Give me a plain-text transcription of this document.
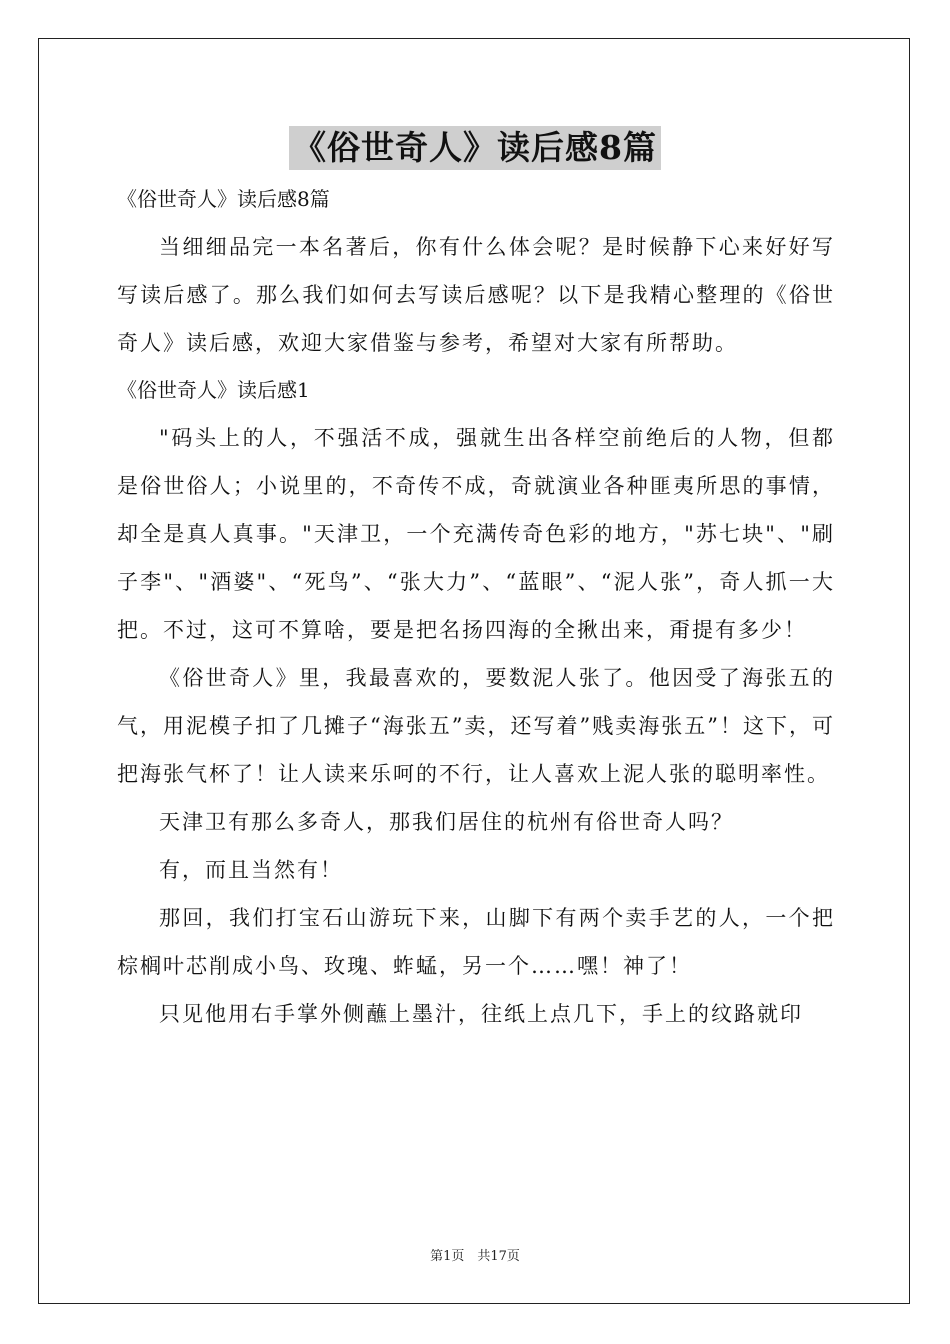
《俗世奇人》读后感8篇
《俗世奇人》读后感8篇

当细细品完一本名著后，你有什么体会呢？是时候静下心来好好写写读后感了。那么我们如何去写读后感呢？以下是我精心整理的《俗世奇人》读后感，欢迎大家借鉴与参考，希望对大家有所帮助。

《俗世奇人》读后感1

"码头上的人，不强活不成，强就生出各样空前绝后的人物，但都是俗世俗人；小说里的，不奇传不成，奇就演业各种匪夷所思的事情，却全是真人真事。"天津卫，一个充满传奇色彩的地方，"苏七块"、"刷子李"、"酒婆"、“死鸟”、“张大力”、“蓝眼”、“泥人张”，奇人抓一大把。不过，这可不算啥，要是把名扬四海的全揪出来，甭提有多少！

《俗世奇人》里，我最喜欢的，要数泥人张了。他因受了海张五的气，用泥模子扣了几摊子“海张五”卖，还写着”贱卖海张五”！这下，可把海张气杯了！让人读来乐呵的不行，让人喜欢上泥人张的聪明率性。

天津卫有那么多奇人，那我们居住的杭州有俗世奇人吗？

有，而且当然有！

那回，我们打宝石山游玩下来，山脚下有两个卖手艺的人，一个把棕榈叶芯削成小鸟、玫瑰、蚱蜢，另一个……嘿！神了！

只见他用右手掌外侧蘸上墨汁，往纸上点几下，手上的纹路就印

第1页　共17页
